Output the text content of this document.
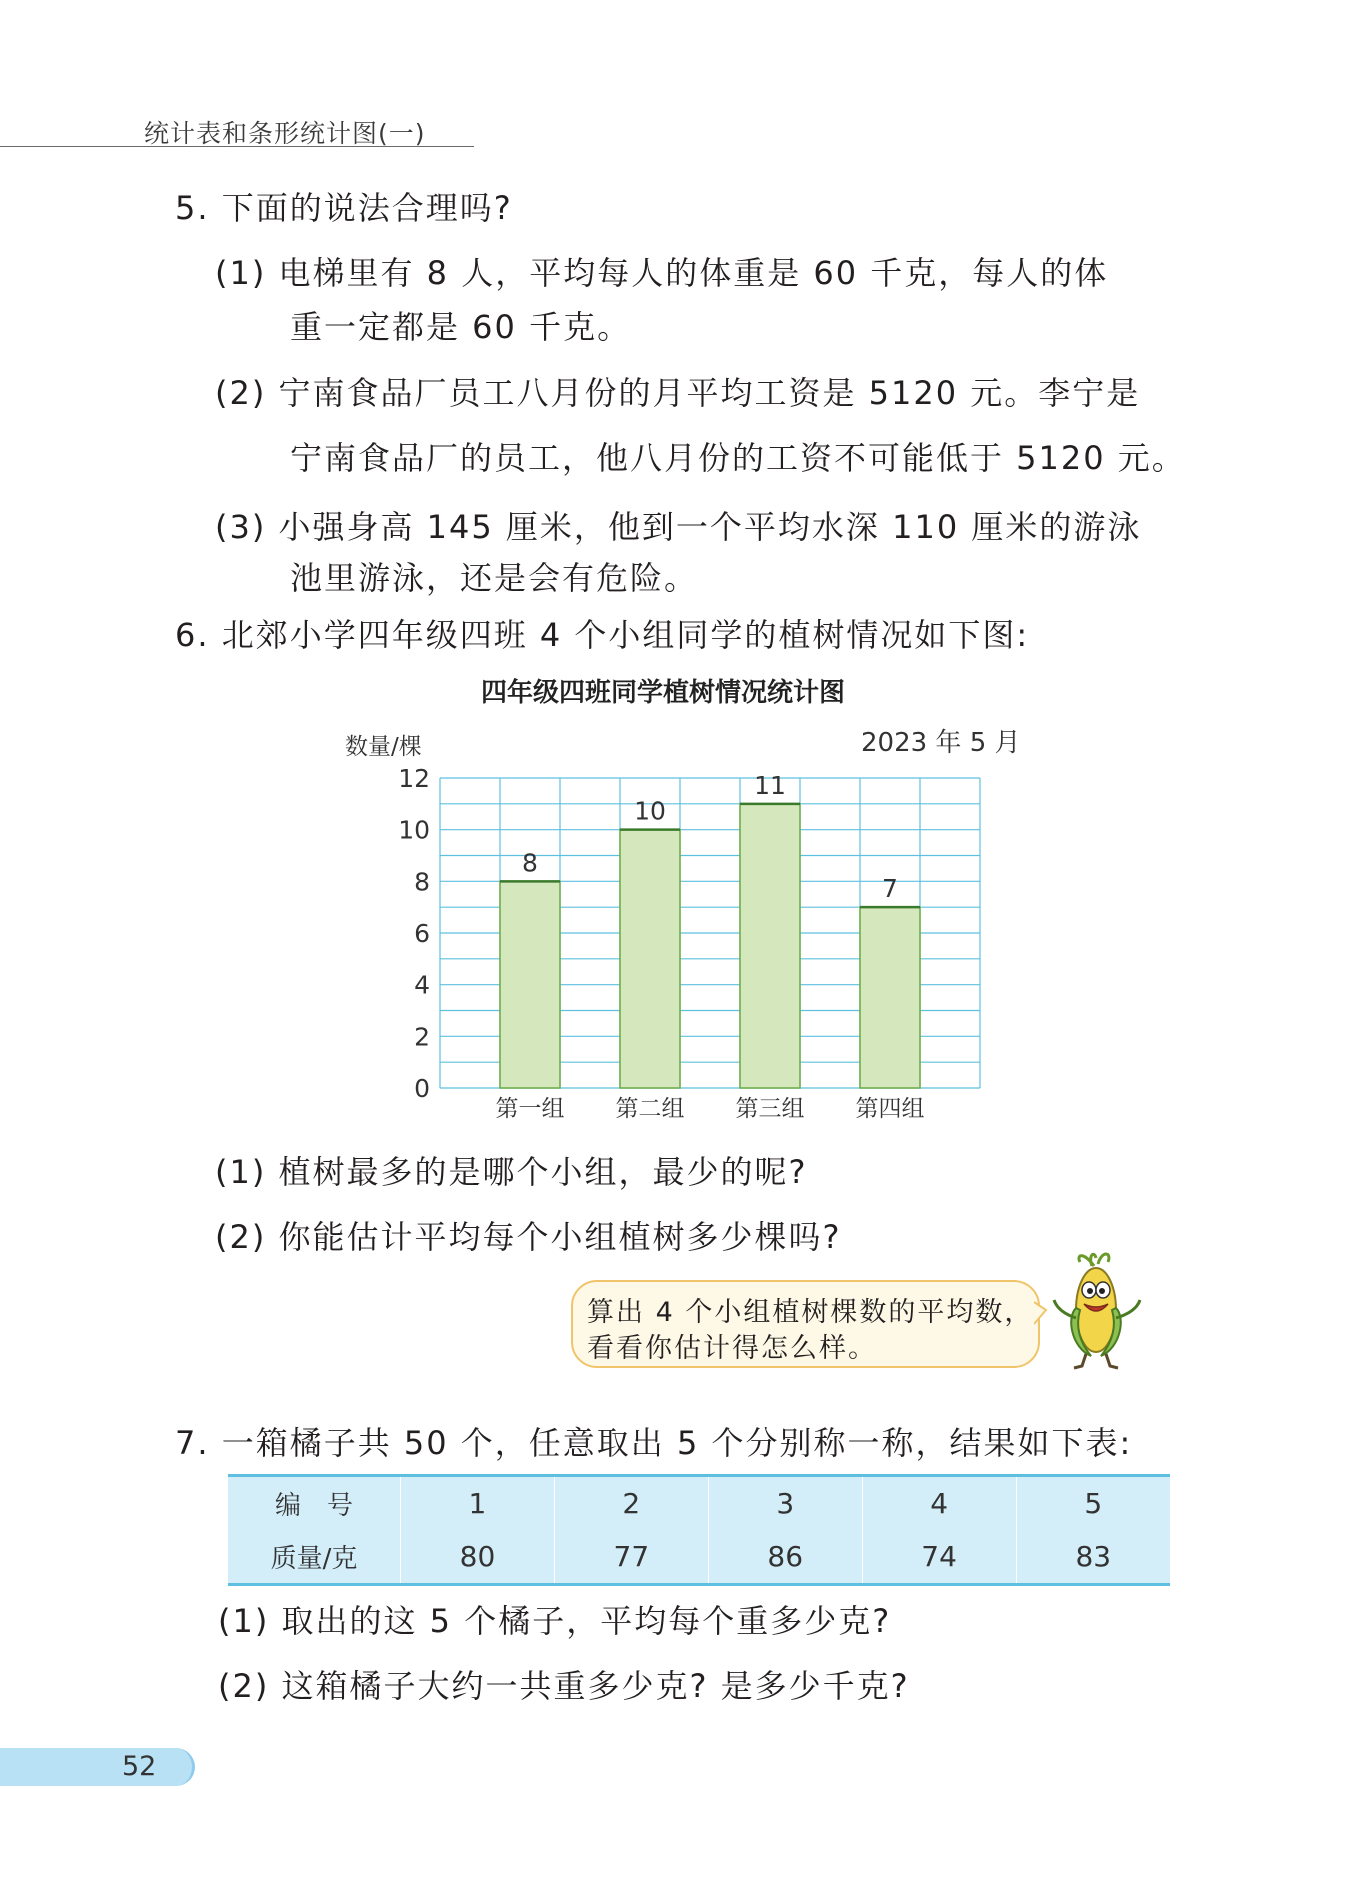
统计表和条形统计图(一)
5. 下面的说法合理吗?
(1) 电梯里有 8 人，平均每人的体重是 60 千克，每人的体
重一定都是 60 千克。
(2) 宁南食品厂员工八月份的月平均工资是 5120 元。李宁是
宁南食品厂的员工，他八月份的工资不可能低于 5120 元。
(3) 小强身高 145 厘米，他到一个平均水深 110 厘米的游泳
池里游泳，还是会有危险。
6. 北郊小学四年级四班 4 个小组同学的植树情况如下图:
四年级四班同学植树情况统计图
数量/棵	2023 年 5 月
0
2
4
6
8
10
12
8
第一组
10
第二组
11
第三组
7
第四组
(1) 植树最多的是哪个小组，最少的呢?
(2) 你能估计平均每个小组植树多少棵吗?
算出 4 个小组植树棵数的平均数，
看看你估计得怎么样。
7. 一箱橘子共 50 个，任意取出 5 个分别称一称，结果如下表:
编　号	1	2	3	4	5
质量/克	80	77	86	74	83
(1) 取出的这 5 个橘子，平均每个重多少克?
(2) 这箱橘子大约一共重多少克? 是多少千克?
52
